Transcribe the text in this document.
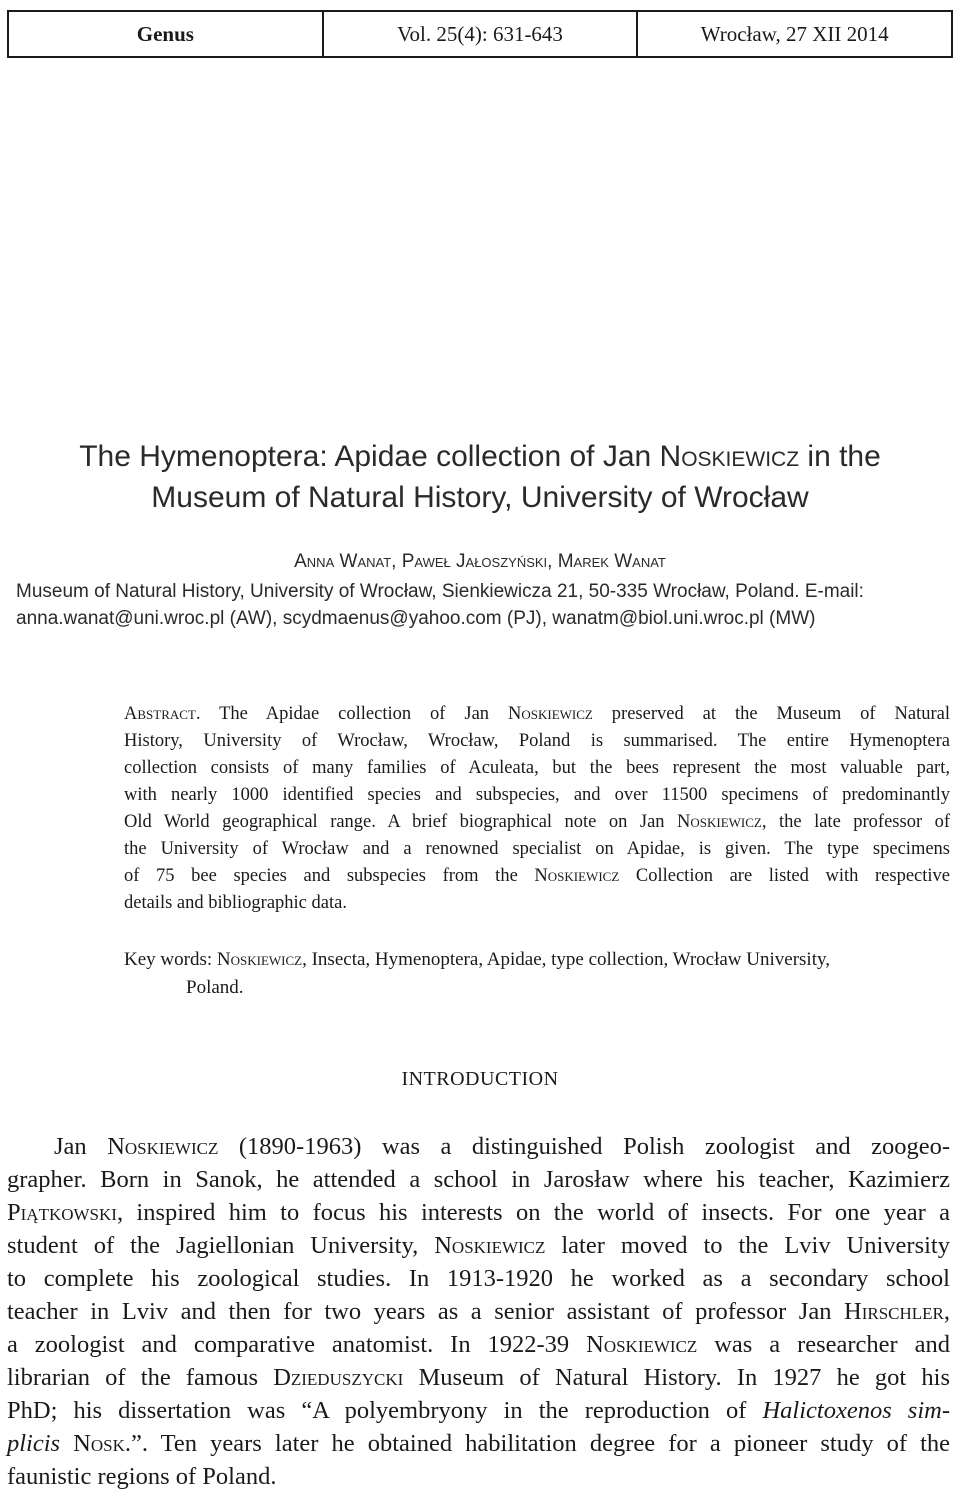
Genus	Vol. 25(4): 631-643	Wrocław, 27 XII 2014
The Hymenoptera: Apidae collection of Jan Noskiewicz in the
Museum of Natural History, University of Wrocław
Anna Wanat, Paweł Jałoszyński, Marek Wanat
Museum of Natural History, University of Wrocław, Sienkiewicza 21, 50-335 Wrocław, Poland. E-mail:
anna.wanat@uni.wroc.pl (AW), scydmaenus@yahoo.com (PJ), wanatm@biol.uni.wroc.pl (MW)
Abstract. The Apidae collection of Jan Noskiewicz preserved at the Museum of Natural
History, University of Wrocław, Wrocław, Poland is summarised. The entire Hymenoptera
collection consists of many families of Aculeata, but the bees represent the most valuable part,
with nearly 1000 identified species and subspecies, and over 11500 specimens of predominantly
Old World geographical range. A brief biographical note on Jan Noskiewicz, the late professor of
the University of Wrocław and a renowned specialist on Apidae, is given. The type specimens
of 75 bee species and subspecies from the Noskiewicz Collection are listed with respective
details and bibliographic data.
Key words: Noskiewicz, Insecta, Hymenoptera, Apidae, type collection, Wrocław University,
Poland.
INTRODUCTION
Jan Noskiewicz (1890-1963) was a distinguished Polish zoologist and zoogeo-
grapher. Born in Sanok, he attended a school in Jarosław where his teacher, Kazimierz
Piątkowski, inspired him to focus his interests on the world of insects. For one year a
student of the Jagiellonian University, Noskiewicz later moved to the Lviv University
to complete his zoological studies. In 1913-1920 he worked as a secondary school
teacher in Lviv and then for two years as a senior assistant of professor Jan Hirschler,
a zoologist and comparative anatomist. In 1922-39 Noskiewicz was a researcher and
librarian of the famous Dzieduszycki Museum of Natural History. In 1927 he got his
PhD; his dissertation was “A polyembryony in the reproduction of Halictoxenos sim-
plicis Nosk.”. Ten years later he obtained habilitation degree for a pioneer study of the
faunistic regions of Poland.
